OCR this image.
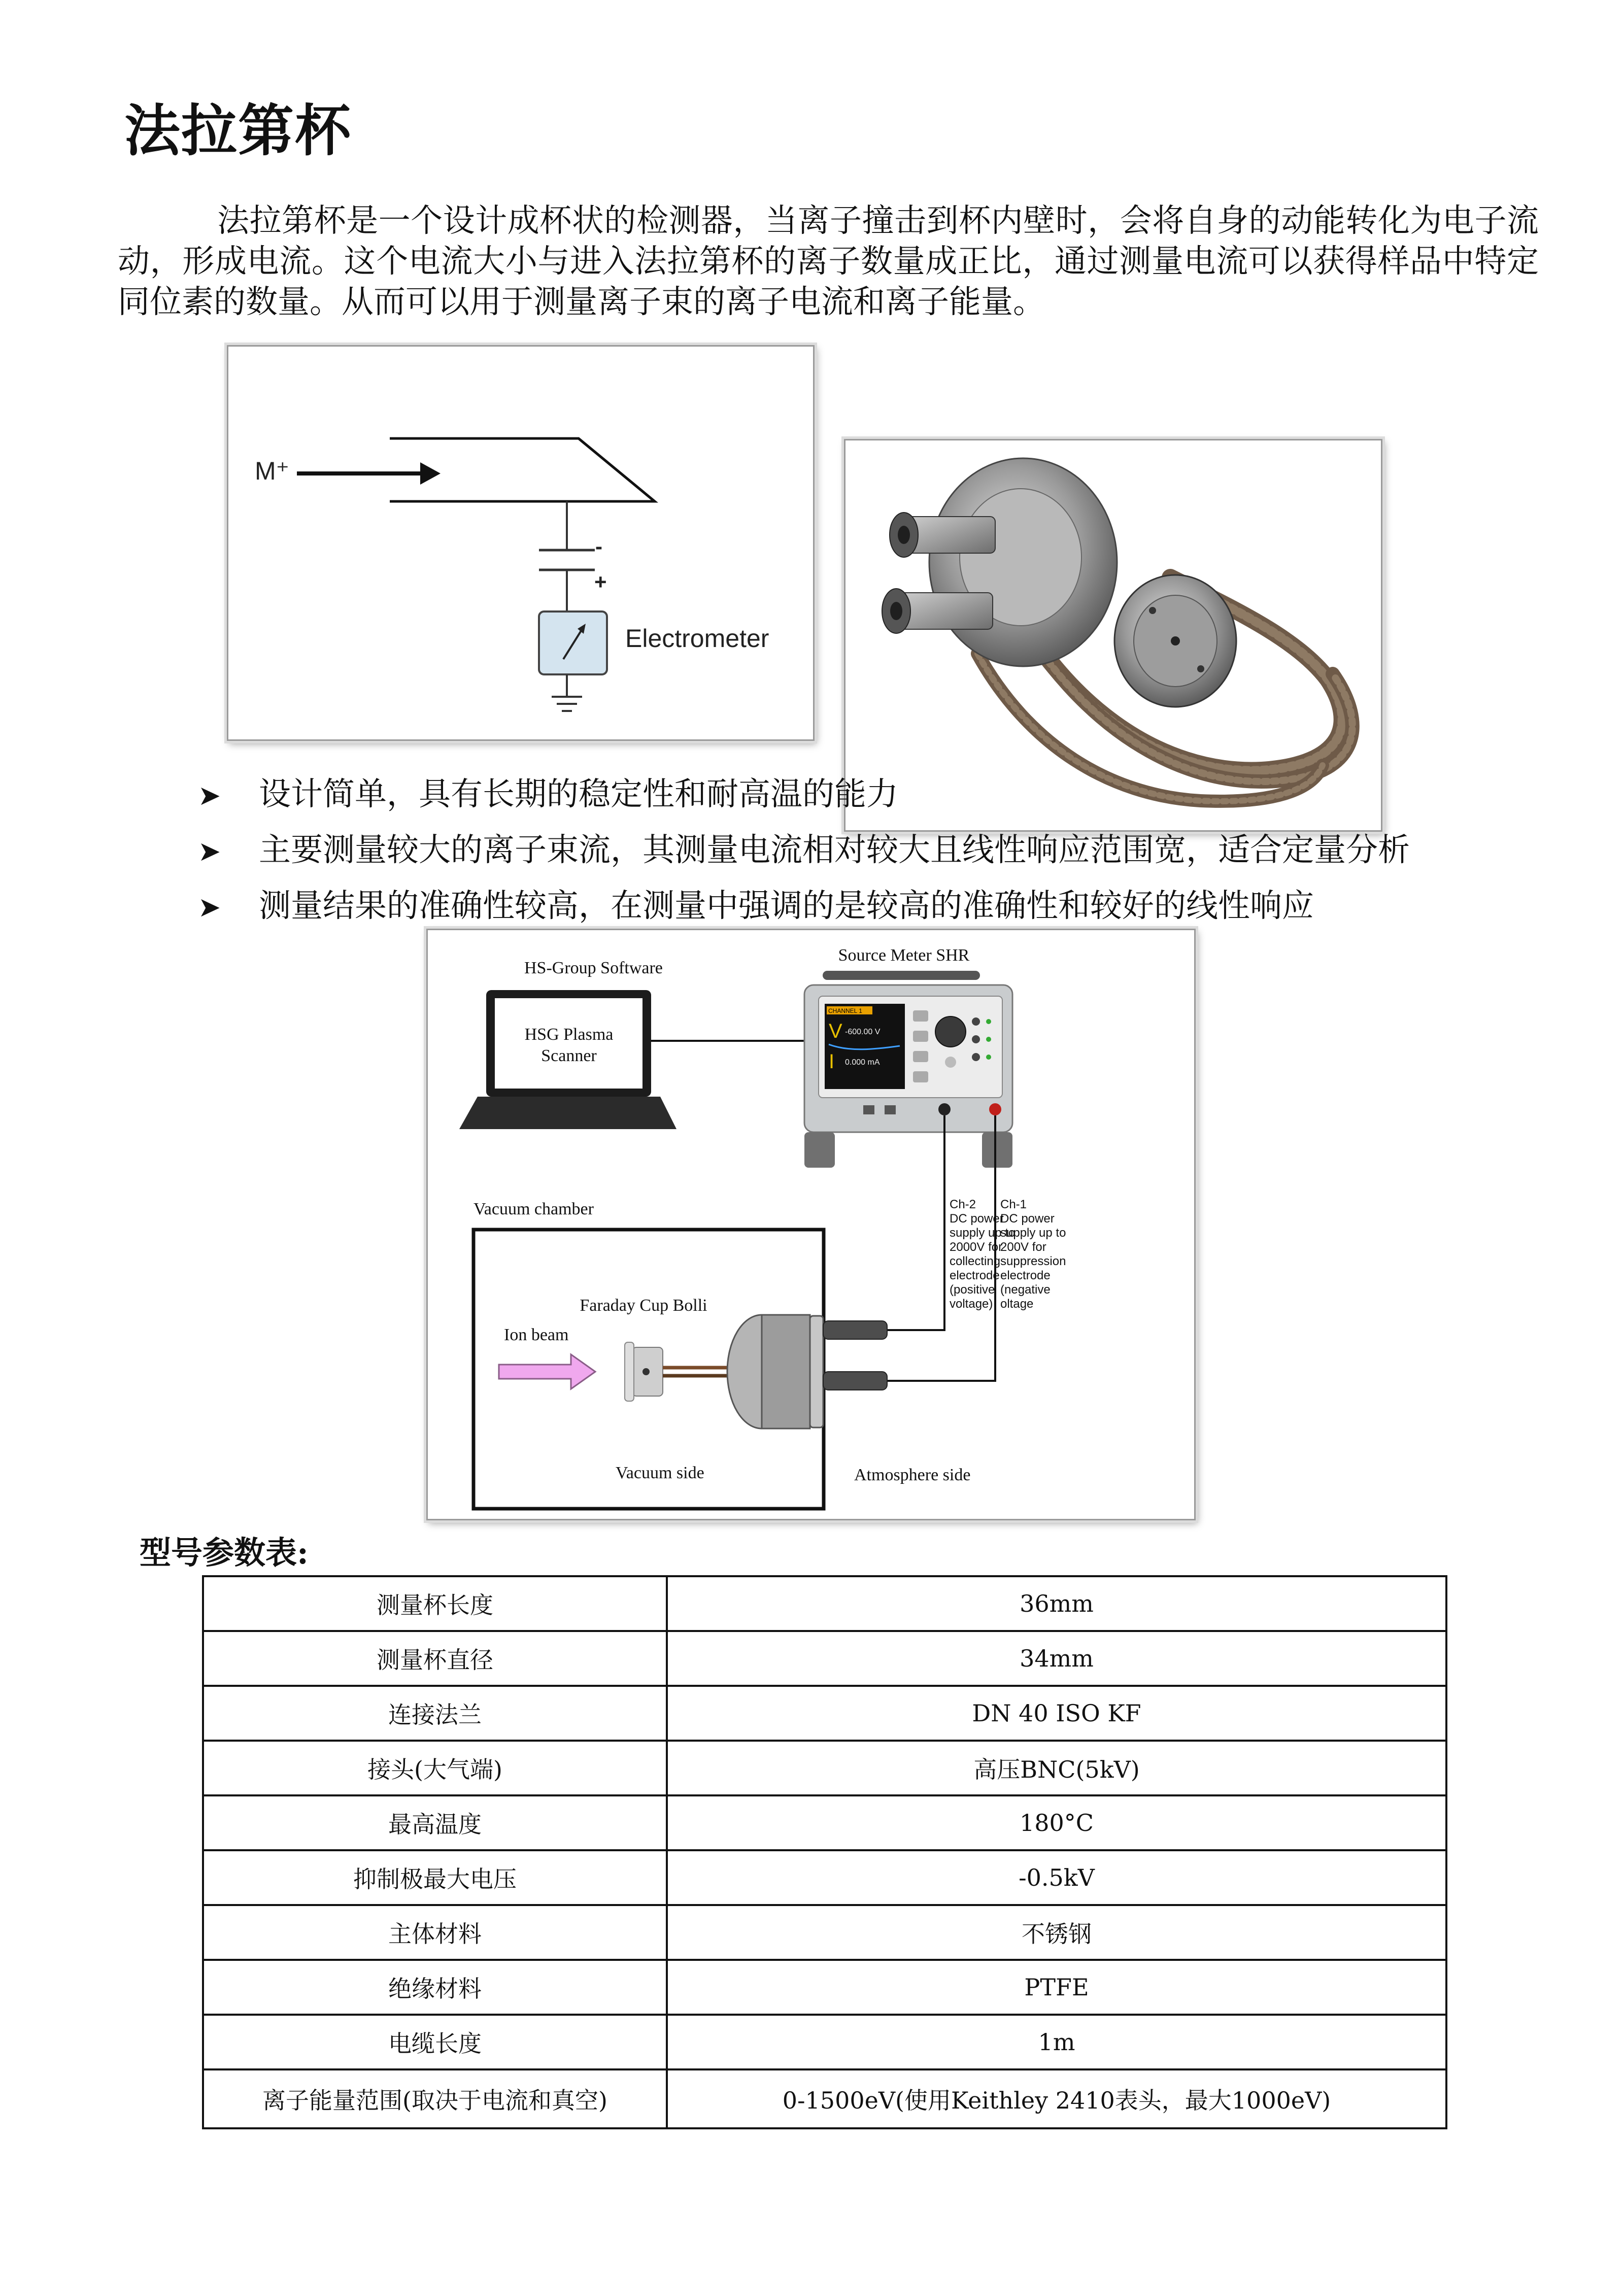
法拉第杯

法拉第杯是一个设计成杯状的检测器，当离子撞击到杯内壁时，会将自身的动能转化为电子流动，形成电流。这个电流大小与进入法拉第杯的离子数量成正比，通过测量电流可以获得样品中特定同位素的数量。从而可以用于测量离子束的离子电流和离子能量。

M⁺
-
+
Electrometer
➤ 设计简单，具有长期的稳定性和耐高温的能力
➤ 主要测量较大的离子束流，其测量电流相对较大且线性响应范围宽，适合定量分析
➤ 测量结果的准确性较高，在测量中强调的是较高的准确性和较好的线性响应
HS-Group Software
HSG Plasma
Scanner
Source Meter SHR
CHANNEL 1
V -600.00 V
I 0.000 mA
Ch-2
DC power
supply up to
2000V for
collecting
electrode
(positive
voltage)
Ch-1
DC power
supply up to
200V for
suppression
electrode
(negative
oltage
Vacuum chamber
Faraday Cup Bolli
Ion beam
Vacuum side	Atmosphere side
型号参数表:
测量杯长度	36mm
测量杯直径	34mm
连接法兰	DN 40 ISO KF
接头(大气端)	高压BNC(5kV)
最高温度	180°C
抑制极最大电压	-0.5kV
主体材料	不锈钢
绝缘材料	PTFE
电缆长度	1m
离子能量范围(取决于电流和真空)	0-1500eV(使用Keithley 2410表头，最大1000eV)
